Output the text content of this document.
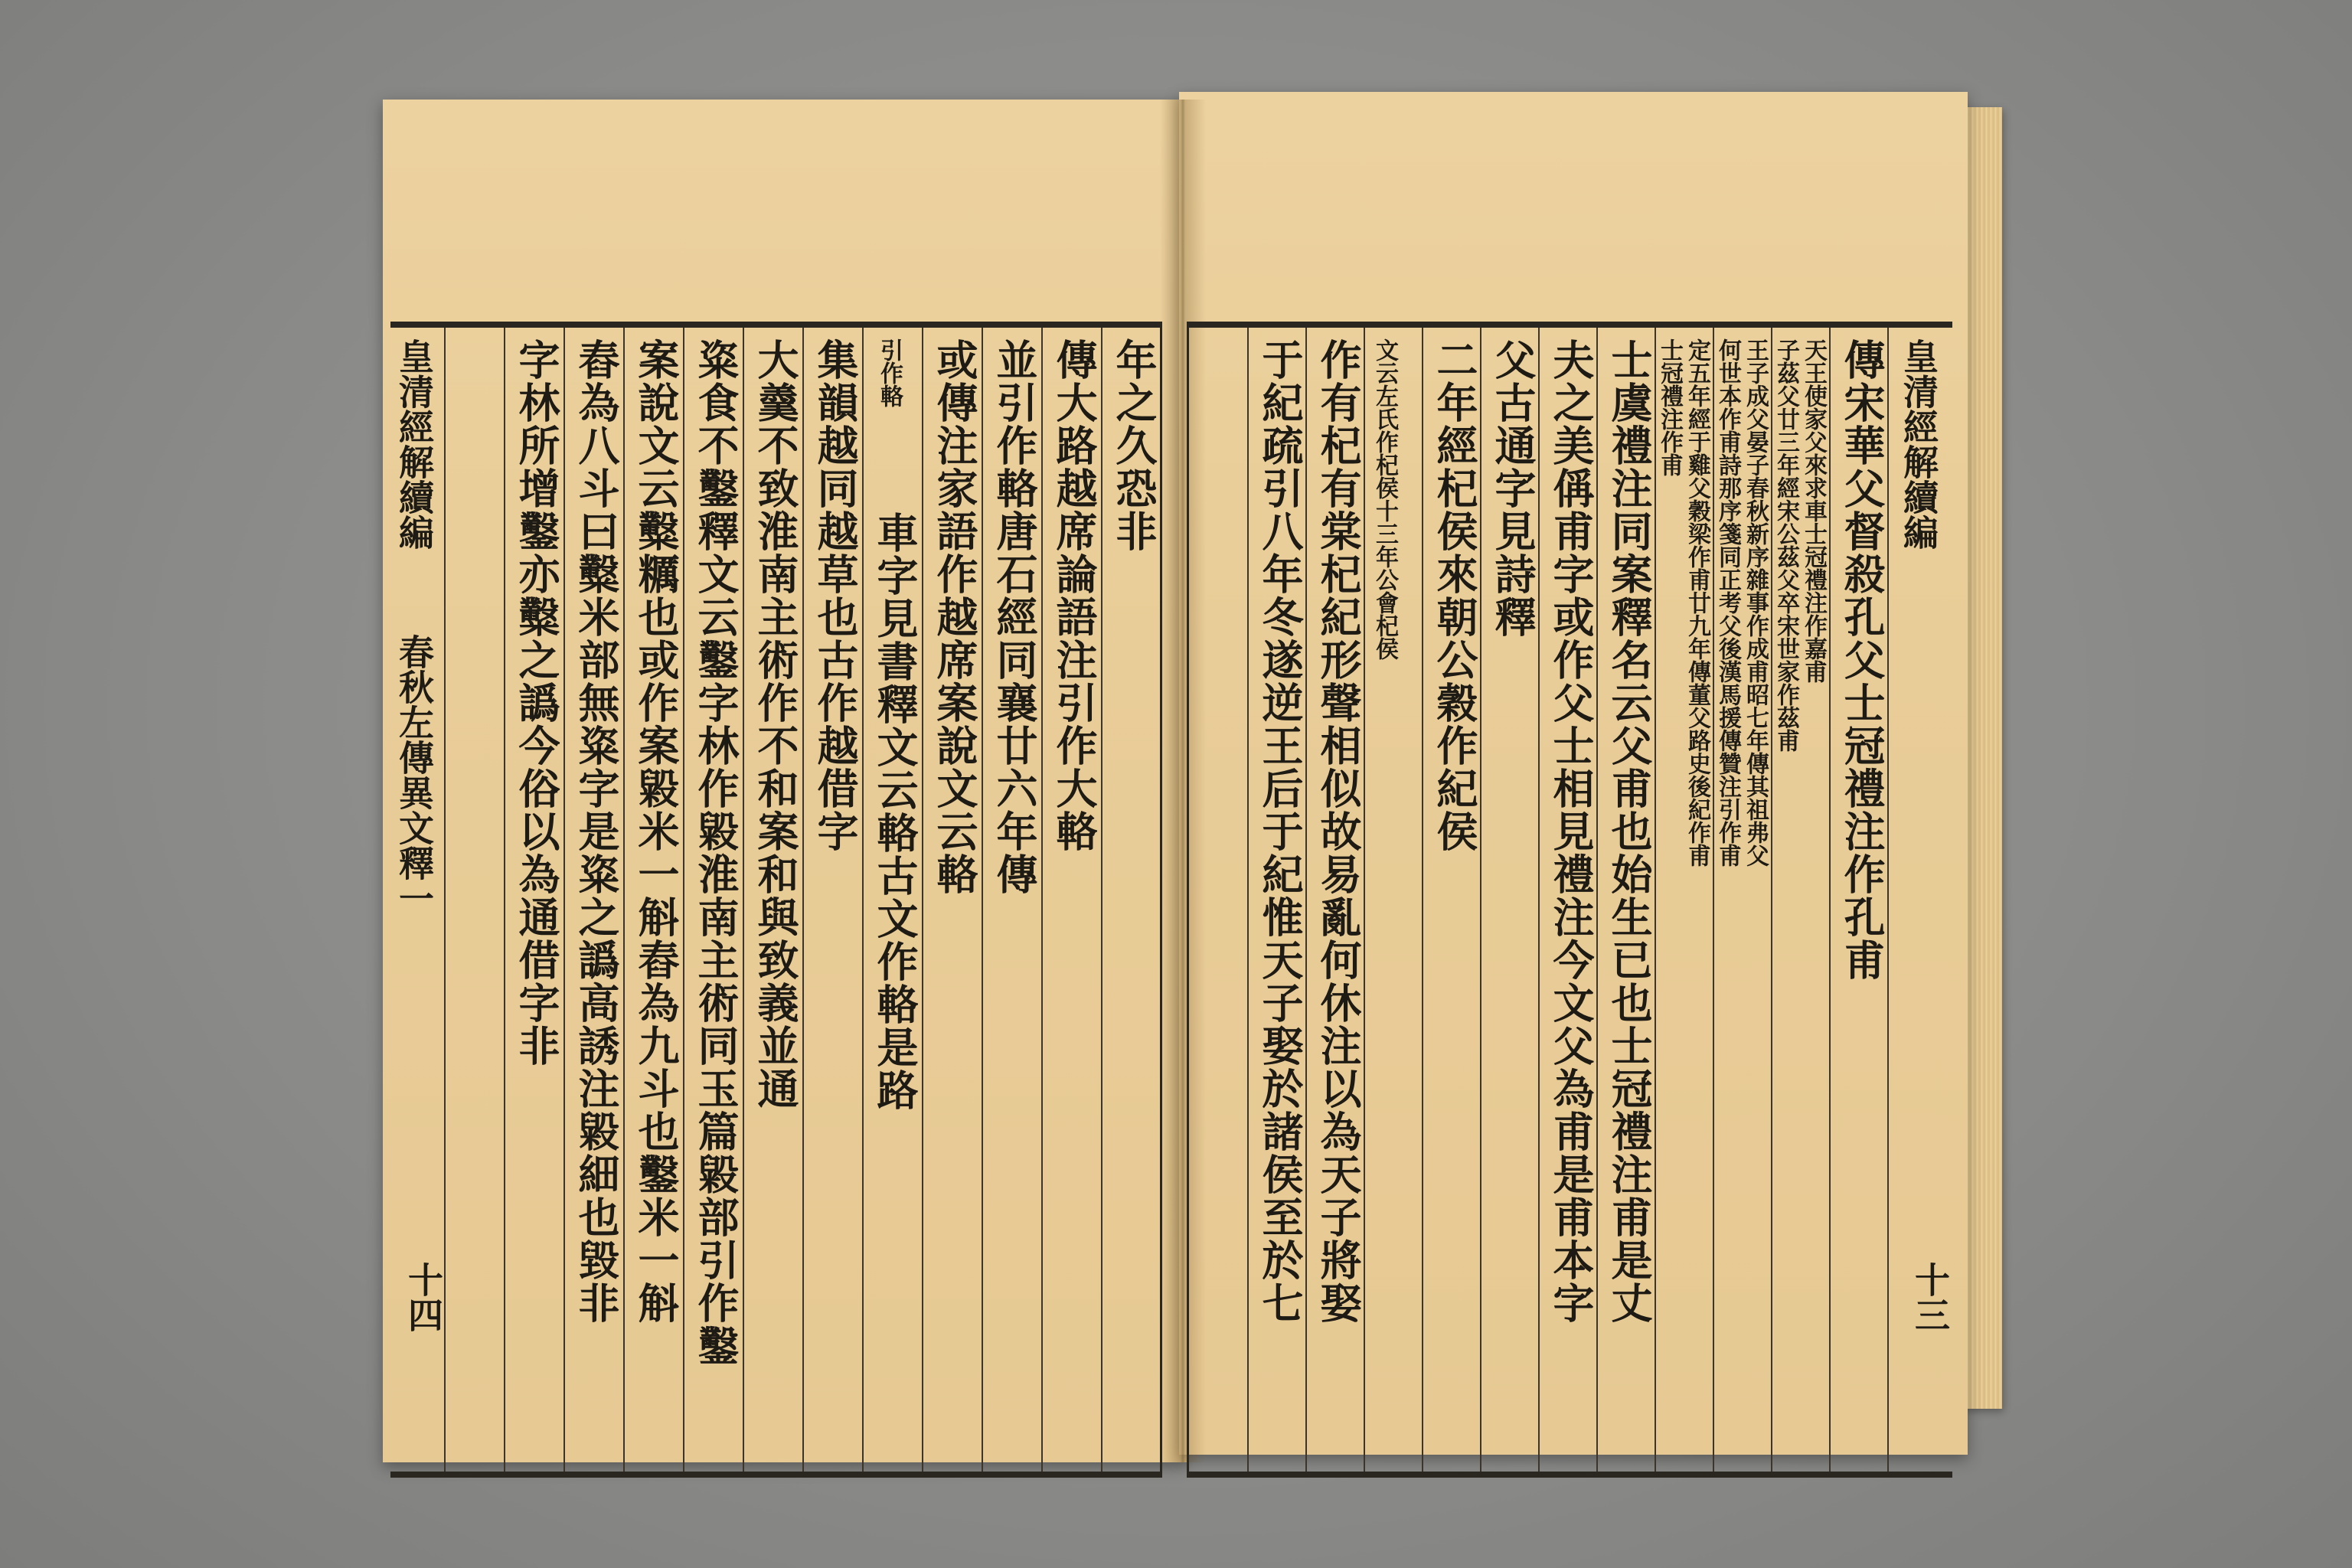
皇清經解續編
春秋左傳異文釋一
十四
年之久恐非
傳大路越席論語注引作大輅
並引作輅唐石經同襄廿六年傳
或傳注家語作越席案說文云輅
引作輅
車字見書釋文云輅古文作輅是路
集韻越同越草也古作越借字
大羹不致淮南主術作不和案和與致義並通
粢食不鑿釋文云鑿字林作毇淮南主術同玉篇毇部引作鑿
案說文云糳糲也或作案毇米一斛舂為九斗也鑿米一斛
舂為八斗曰糳米部無粢字是粢之譌高誘注毇細也毀非
字林所增鑿亦糳之譌今俗以為通借字非	皇清經解續編
十三
傳宋華父督殺孔父士冠禮注作孔甫
天王使家父來求車士冠禮注作嘉甫
子茲父廿三年經宋公茲父卒宋世家作茲甫
王子成父晏子春秋新序雜事作成甫昭七年傳其祖弗父
何世本作甫詩那序箋同正考父後漢馬援傳贊注引作甫
定五年經于雞父穀梁作甫廿九年傳董父路史後紀作甫
士冠禮注作甫
士虞禮注同案釋名云父甫也始生已也士冠禮注甫是丈
夫之美偁甫字或作父士相見禮注今文父為甫是甫本字
父古通字見詩釋
二年經杞侯來朝公穀作紀侯
文云左氏作杞侯十三年公會杞侯
作有杞有棠杞紀形聲相似故易亂何休注以為天子將娶
于紀疏引八年冬遂逆王后于紀惟天子娶於諸侯至於七
